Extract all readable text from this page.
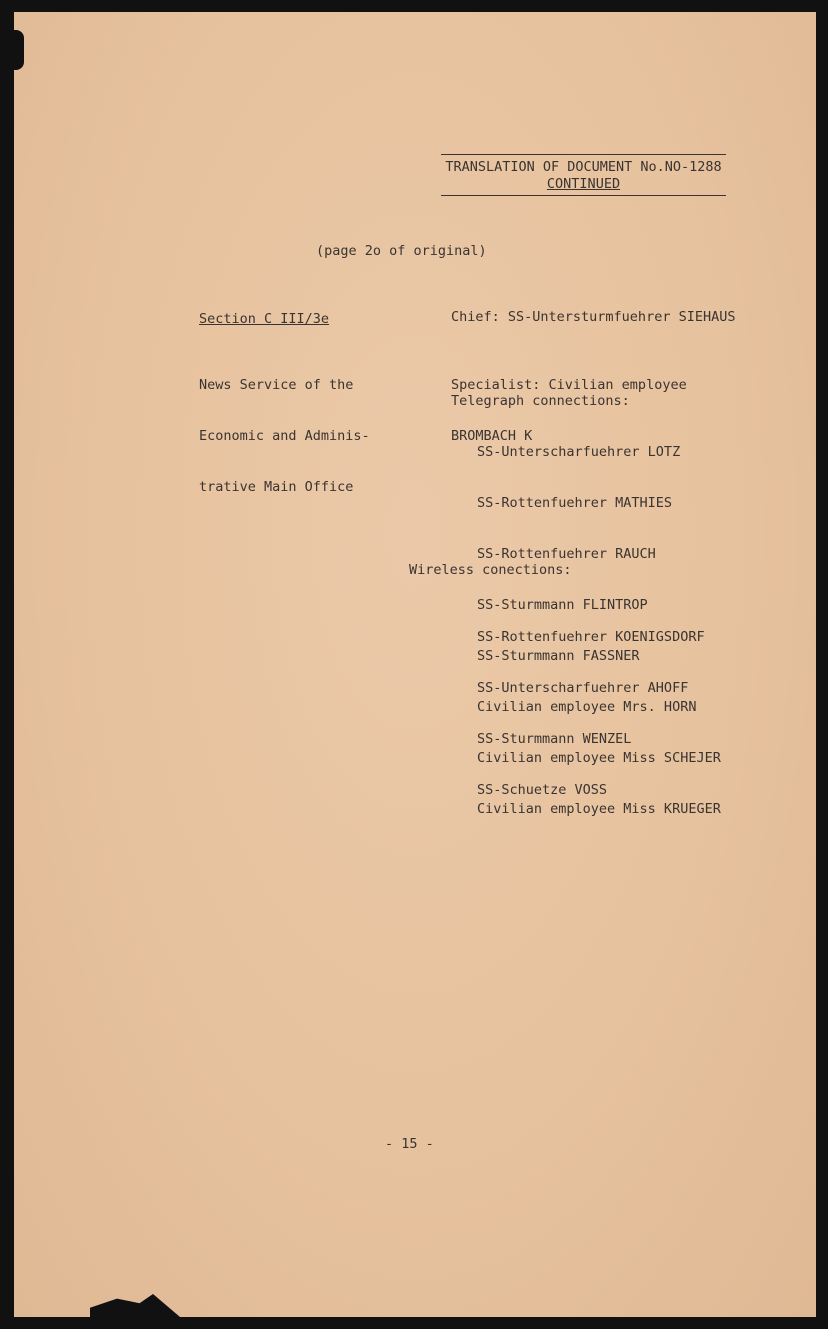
TRANSLATION OF DOCUMENT No.NO-1288
CONTINUED
(page 2o of original)
Section C III/3e

News Service of the

Economic and Adminis-

trative Main Office

Chief: SS-Untersturmfuehrer SIEHAUS

Specialist: Civilian employee

BROMBACH K

Telegraph connections:

SS-Unterscharfuehrer LOTZ

SS-Rottenfuehrer MATHIES

SS-Rottenfuehrer RAUCH

SS-Sturmmann FLINTROP

SS-Sturmmann FASSNER

Civilian employee Mrs. HORN

Civilian employee Miss SCHEJER

Civilian employee Miss KRUEGER

Wireless conections:

SS-Rottenfuehrer KOENIGSDORF

SS-Unterscharfuehrer AHOFF

SS-Sturmmann WENZEL

SS-Schuetze VOSS

- 15 -
